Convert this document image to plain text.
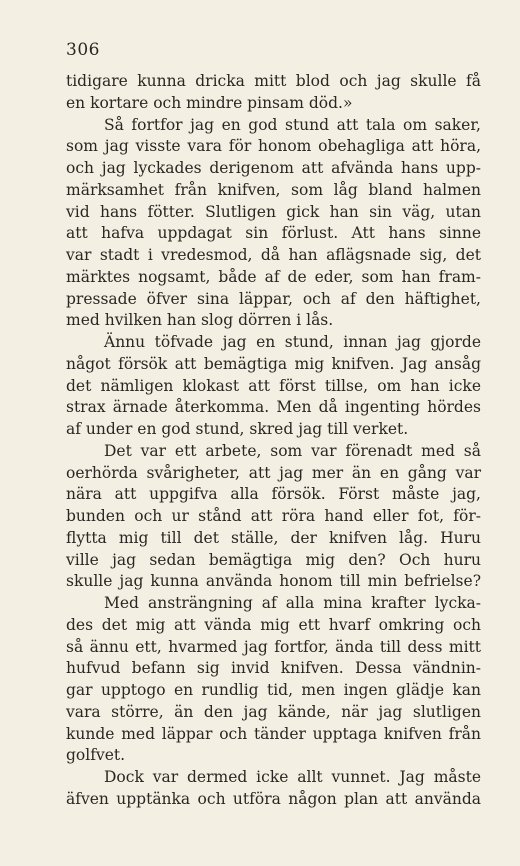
306
tidigare kunna dricka mitt blod och jag skulle få
en kortare och mindre pinsam död.»
Så fortfor jag en god stund att tala om saker,
som jag visste vara för honom obehagliga att höra,
och jag lyckades derigenom att afvända hans upp-
märksamhet från knifven, som låg bland halmen
vid hans fötter. Slutligen gick han sin väg, utan
att hafva uppdagat sin förlust. Att hans sinne
var stadt i vredesmod, då han aflägsnade sig, det
märktes nogsamt, både af de eder, som han fram-
pressade öfver sina läppar, och af den häftighet,
med hvilken han slog dörren i lås.
Ännu töfvade jag en stund, innan jag gjorde
något försök att bemägtiga mig knifven. Jag ansåg
det nämligen klokast att först tillse, om han icke
strax ärnade återkomma. Men då ingenting hördes
af under en god stund, skred jag till verket.
Det var ett arbete, som var förenadt med så
oerhörda svårigheter, att jag mer än en gång var
nära att uppgifva alla försök. Först måste jag,
bunden och ur stånd att röra hand eller fot, för-
flytta mig till det ställe, der knifven låg. Huru
ville jag sedan bemägtiga mig den? Och huru
skulle jag kunna använda honom till min befrielse?
Med ansträngning af alla mina krafter lycka-
des det mig att vända mig ett hvarf omkring och
så ännu ett, hvarmed jag fortfor, ända till dess mitt
hufvud befann sig invid knifven. Dessa vändnin-
gar upptogo en rundlig tid, men ingen glädje kan
vara större, än den jag kände, när jag slutligen
kunde med läppar och tänder upptaga knifven från
golfvet.
Dock var dermed icke allt vunnet. Jag måste
äfven upptänka och utföra någon plan att använda
